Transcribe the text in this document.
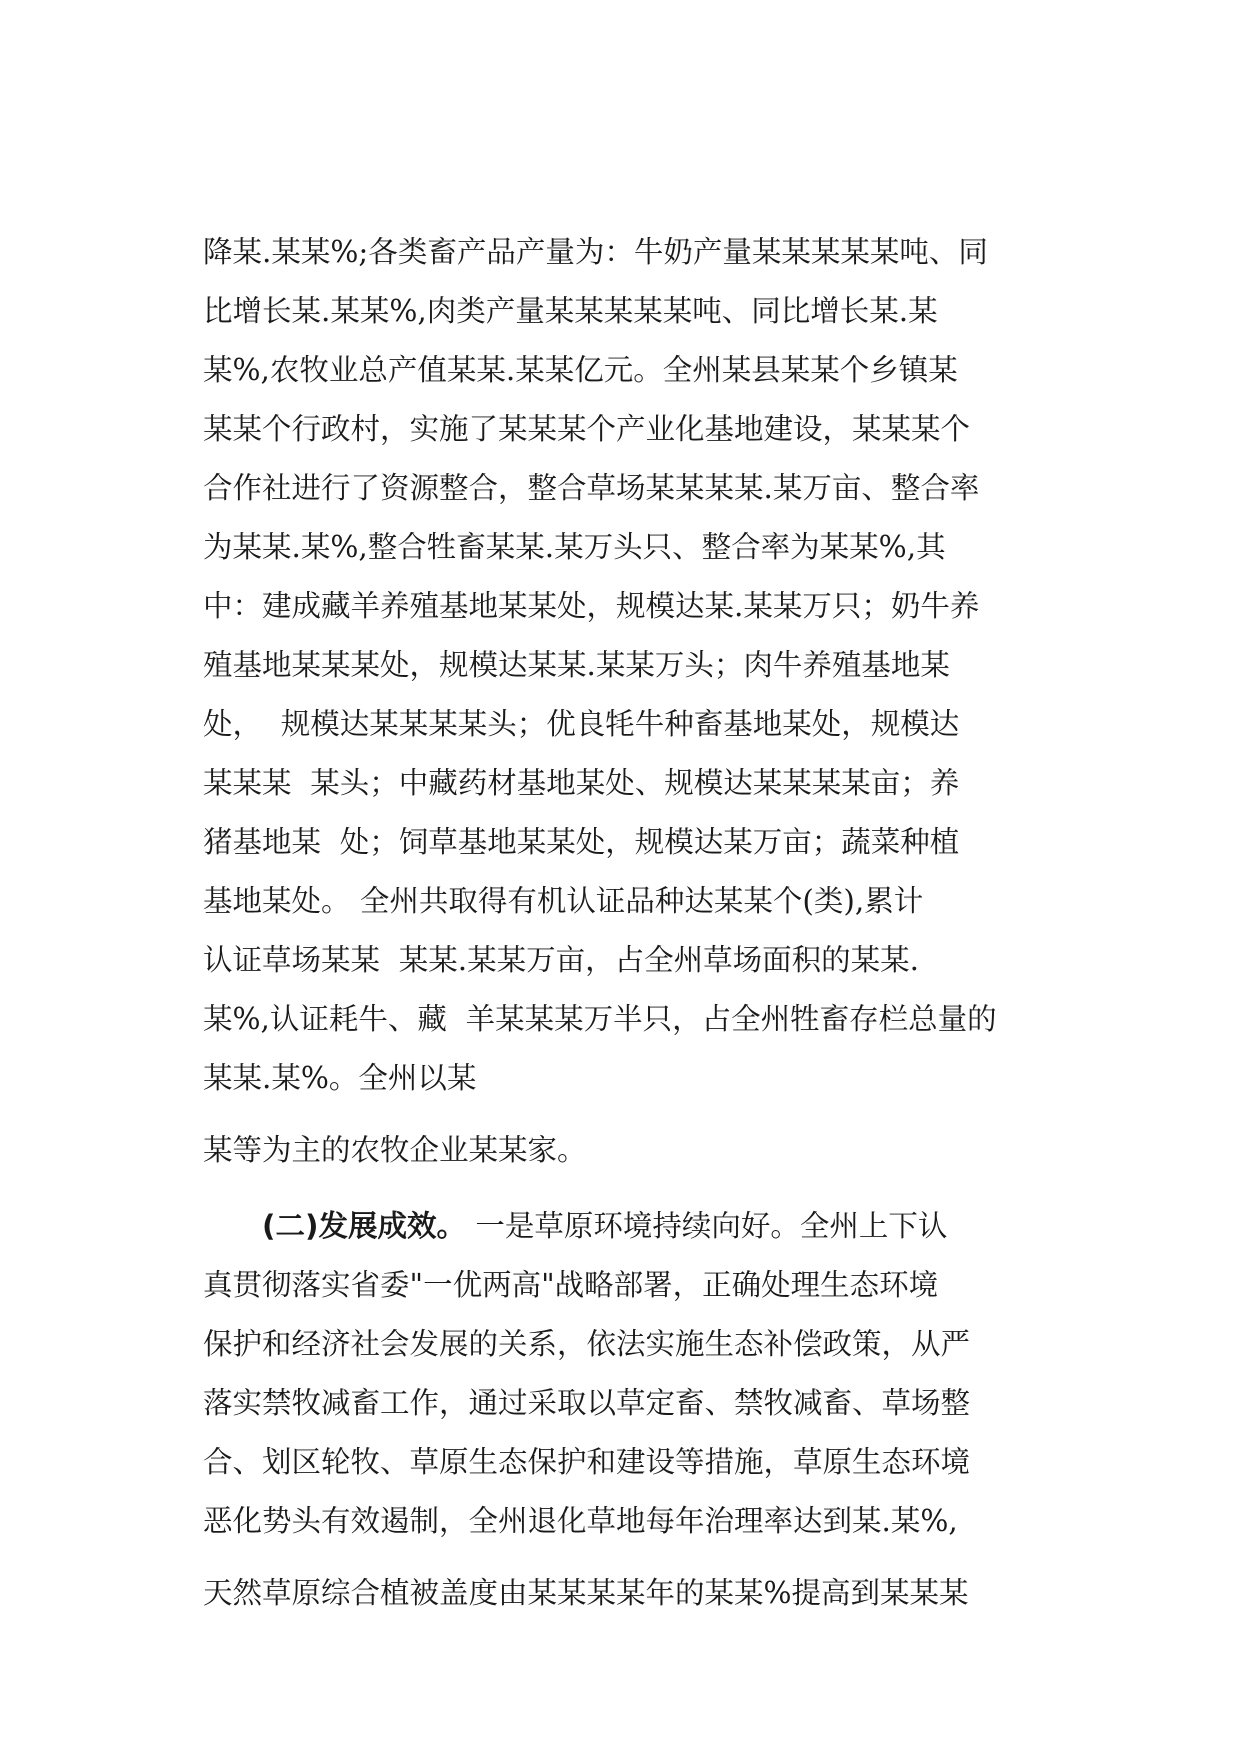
降某.某某%;各类畜产品产量为：牛奶产量某某某某某吨、同
比增长某.某某%,肉类产量某某某某某吨、同比增长某.某
某%,农牧业总产值某某.某某亿元。全州某县某某个乡镇某
某某个行政村，实施了某某某个产业化基地建设，某某某个
合作社进行了资源整合，整合草场某某某某.某万亩、整合率
为某某.某%,整合牲畜某某.某万头只、整合率为某某%,其
中：建成藏羊养殖基地某某处，规模达某.某某万只；奶牛养
殖基地某某某处，规模达某某.某某万头；肉牛养殖基地某
处，  规模达某某某某头；优良牦牛种畜基地某处，规模达
某某某  某头；中藏药材基地某处、规模达某某某某亩；养
猪基地某  处；饲草基地某某处，规模达某万亩；蔬菜种植
基地某处。 全州共取得有机认证品种达某某个(类),累计
认证草场某某  某某.某某万亩，占全州草场面积的某某.
某%,认证耗牛、藏  羊某某某万半只，占全州牲畜存栏总量的
某某.某%。全州以某
某等为主的农牧企业某某家。
(二)发展成效。 一是草原环境持续向好。全州上下认
真贯彻落实省委"一优两高"战略部署，正确处理生态环境
保护和经济社会发展的关系，依法实施生态补偿政策，从严
落实禁牧减畜工作，通过采取以草定畜、禁牧减畜、草场整
合、划区轮牧、草原生态保护和建设等措施，草原生态环境
恶化势头有效遏制，全州退化草地每年治理率达到某.某%,
天然草原综合植被盖度由某某某某年的某某%提高到某某某
